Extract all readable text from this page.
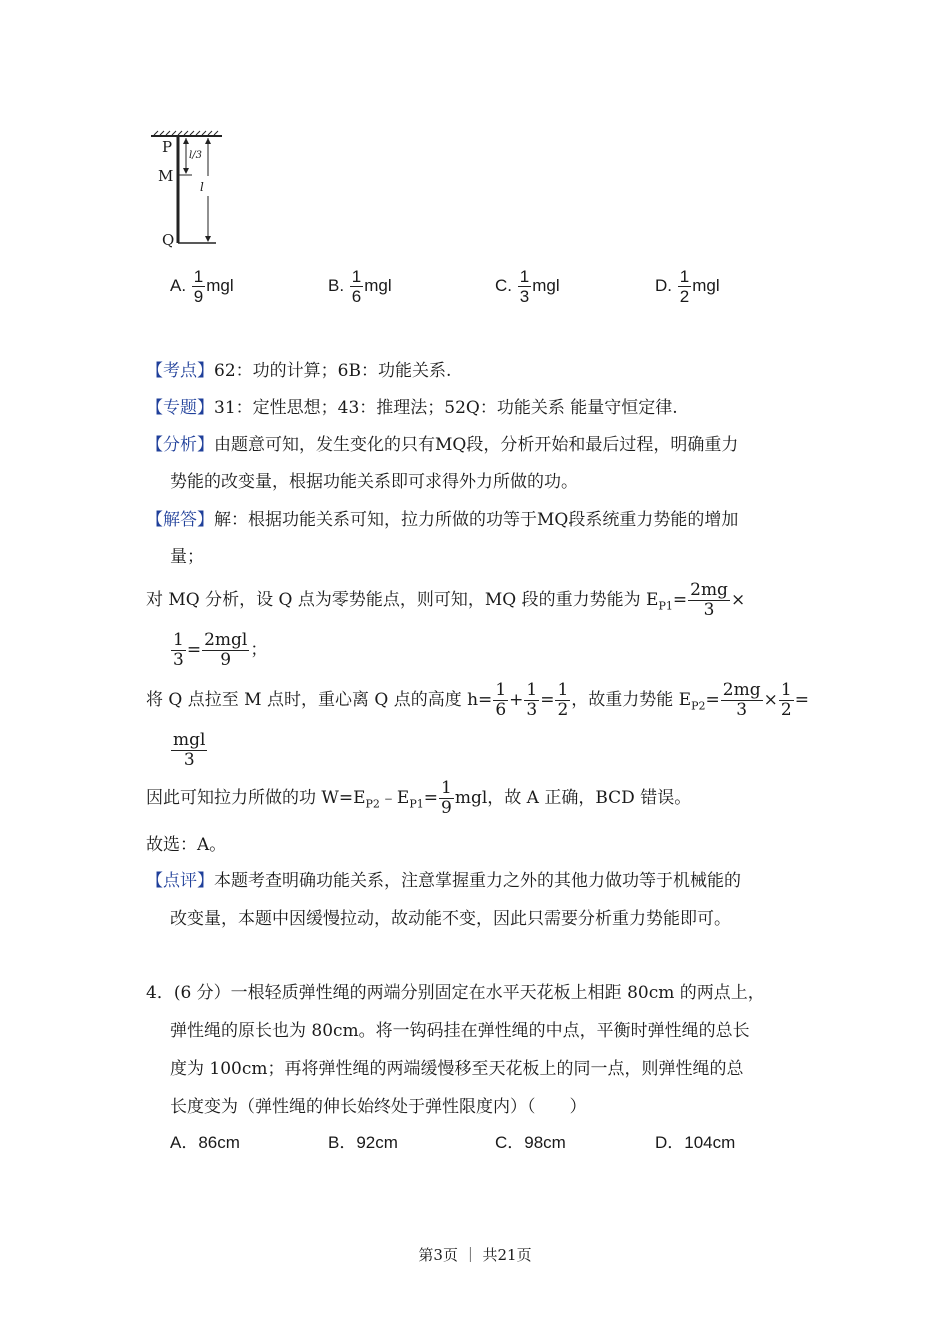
P
M
Q
l/3
l
A. $\frac{1}{9}$ mgl	B. $\frac{1}{6}$ mgl	C. $\frac{1}{3}$ mgl	D. $\frac{1}{2}$ mgl
【考点】62：功的计算；6B：功能关系.
【专题】31：定性思想；43：推理法；52Q：功能关系 能量守恒定律.
【分析】由题意可知，发生变化的只有MQ段，分析开始和最后过程，明确重力
势能的改变量，根据功能关系即可求得外力所做的功。
【解答】解：根据功能关系可知，拉力所做的功等于MQ段系统重力势能的增加
量；
对 MQ 分析，设 Q 点为零势能点，则可知，MQ 段的重力势能为 $E_{P1}= \frac{2mg}{3}$ ×
$\frac{1}{3} = \frac{\text{2mgl}}{9}$ ；
将 Q 点拉至 M 点时，重心离 Q 点的高度 $h= \frac{1}{6} + \frac{1}{3} = \frac{1}{2}$ ，故重力势能 $E_{P2}= \frac{2mg}{3} \times \frac{1}{2}$ =
$\frac{\text{mgl}}{3}$
因此可知拉力所做的功 $W=E_{P2}﹣E_{P1}= \frac{1}{9}$ mgl，故 A 正确，BCD 错误。
故选：A。
【点评】本题考查明确功能关系，注意掌握重力之外的其他力做功等于机械能的
改变量，本题中因缓慢拉动，故动能不变，因此只需要分析重力势能即可。
4．(6 分）一根轻质弹性绳的两端分别固定在水平天花板上相距 80cm 的两点上，
弹性绳的原长也为 80cm。将一钩码挂在弹性绳的中点，平衡时弹性绳的总长
度为 100cm；再将弹性绳的两端缓慢移至天花板上的同一点，则弹性绳的总
长度变为（弹性绳的伸长始终处于弹性限度内）（　　）
A．86cm	B．92cm	C．98cm	D．104cm
第3页 ｜ 共21页
